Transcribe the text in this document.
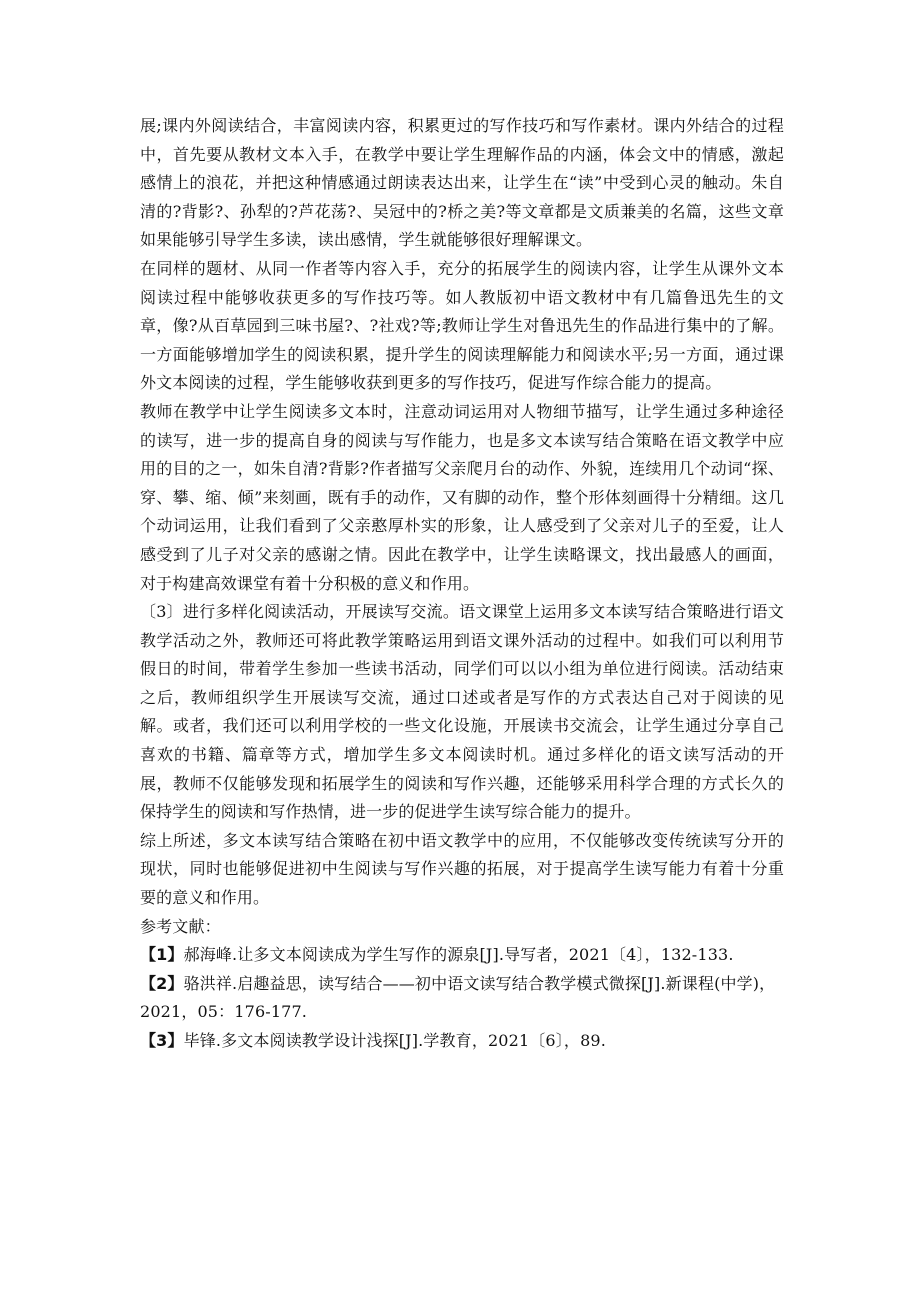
展;课内外阅读结合，丰富阅读内容，积累更过的写作技巧和写作素材。课内外结合的过程中，首先要从教材文本入手，在教学中要让学生理解作品的内涵，体会文中的情感，激起感情上的浪花，并把这种情感通过朗读表达出来，让学生在“读”中受到心灵的触动。朱自清的?背影?、孙犁的?芦花荡?、吴冠中的?桥之美?等文章都是文质兼美的名篇，这些文章如果能够引导学生多读，读出感情，学生就能够很好理解课文。

在同样的题材、从同一作者等内容入手，充分的拓展学生的阅读内容，让学生从课外文本阅读过程中能够收获更多的写作技巧等。如人教版初中语文教材中有几篇鲁迅先生的文章，像?从百草园到三味书屋?、?社戏?等;教师让学生对鲁迅先生的作品进行集中的了解。一方面能够增加学生的阅读积累，提升学生的阅读理解能力和阅读水平;另一方面，通过课外文本阅读的过程，学生能够收获到更多的写作技巧，促进写作综合能力的提高。

教师在教学中让学生阅读多文本时，注意动词运用对人物细节描写，让学生通过多种途径的读写，进一步的提高自身的阅读与写作能力，也是多文本读写结合策略在语文教学中应用的目的之一，如朱自清?背影?作者描写父亲爬月台的动作、外貌，连续用几个动词“探、穿、攀、缩、倾”来刻画，既有手的动作，又有脚的动作，整个形体刻画得十分精细。这几个动词运用，让我们看到了父亲憨厚朴实的形象，让人感受到了父亲对儿子的至爱，让人感受到了儿子对父亲的感谢之情。因此在教学中，让学生读略课文，找出最感人的画面，对于构建高效课堂有着十分积极的意义和作用。

〔3〕进行多样化阅读活动，开展读写交流。语文课堂上运用多文本读写结合策略进行语文教学活动之外，教师还可将此教学策略运用到语文课外活动的过程中。如我们可以利用节假日的时间，带着学生参加一些读书活动，同学们可以以小组为单位进行阅读。活动结束之后，教师组织学生开展读写交流，通过口述或者是写作的方式表达自己对于阅读的见解。或者，我们还可以利用学校的一些文化设施，开展读书交流会，让学生通过分享自己喜欢的书籍、篇章等方式，增加学生多文本阅读时机。通过多样化的语文读写活动的开展，教师不仅能够发现和拓展学生的阅读和写作兴趣，还能够采用科学合理的方式长久的保持学生的阅读和写作热情，进一步的促进学生读写综合能力的提升。

综上所述，多文本读写结合策略在初中语文教学中的应用，不仅能够改变传统读写分开的现状，同时也能够促进初中生阅读与写作兴趣的拓展，对于提高学生读写能力有着十分重要的意义和作用。

参考文献：

【1】郝海峰.让多文本阅读成为学生写作的源泉[J].导写者，2021〔4〕，132-133.

【2】骆洪祥.启趣益思，读写结合——初中语文读写结合教学模式微探[J].新课程(中学)，2021，05：176-177.

【3】毕锋.多文本阅读教学设计浅探[J].学教育，2021〔6〕，89.
